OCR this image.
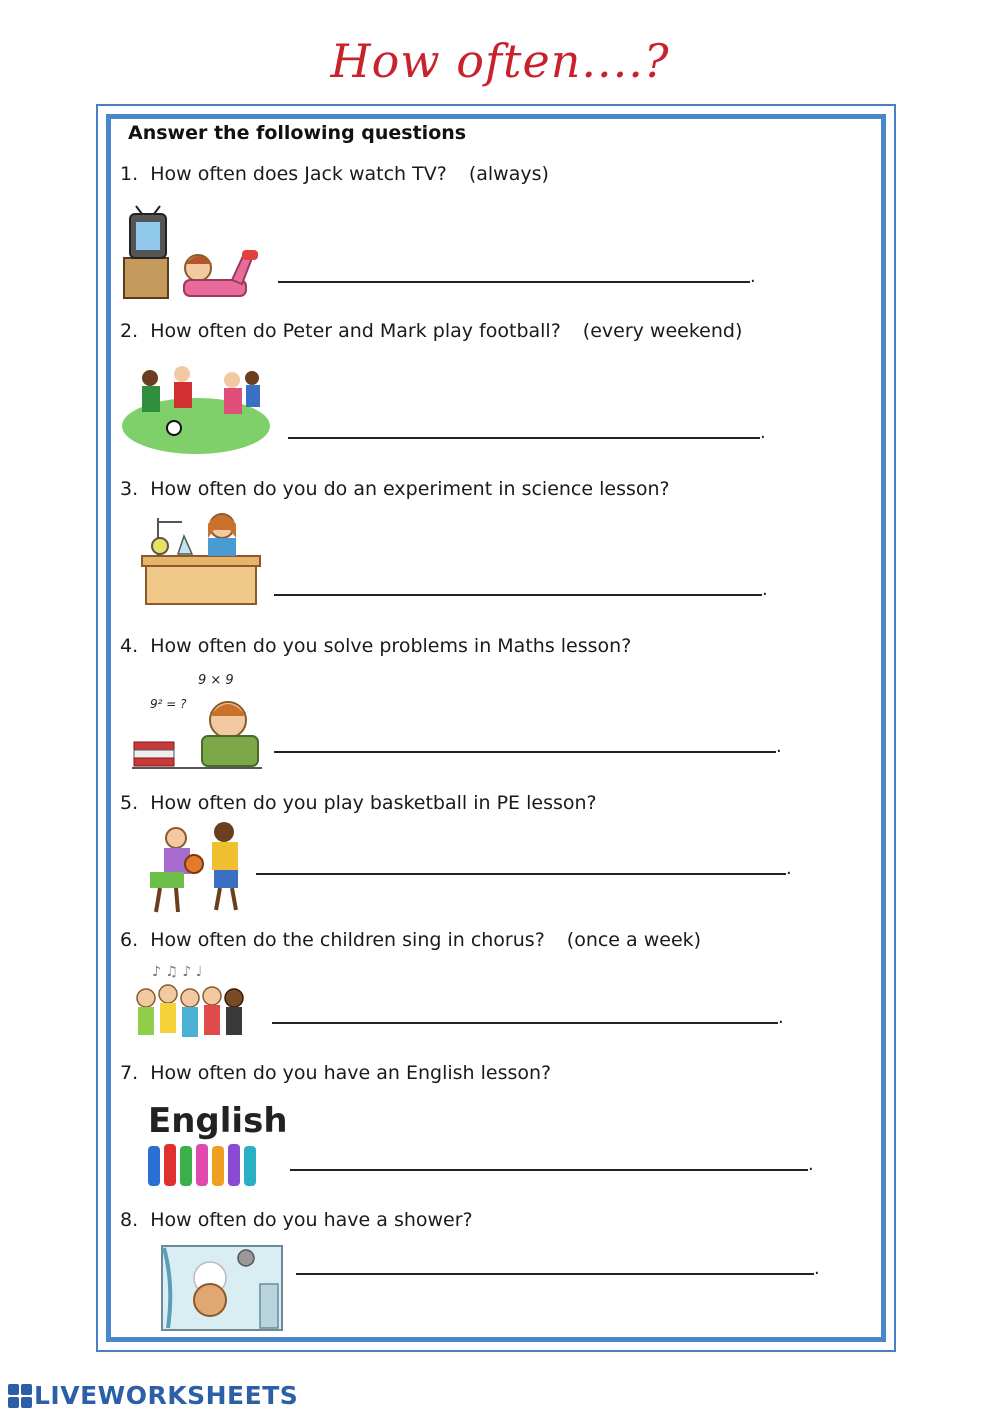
How often....?
Answer the following questions
1. How often does Jack watch TV? (always)
.
2. How often do Peter and Mark play football? (every weekend)
.
3. How often do you do an experiment in science lesson?
.
4. How often do you solve problems in Maths lesson?
9 × 9
9² = ?
.
5. How often do you play basketball in PE lesson?
.
6. How often do the children sing in chorus? (once a week)
♪ ♫ ♪ ♩
.
7. How often do you have an English lesson?
English
.
8. How often do you have a shower?
.
LIVEWORKSHEETS
